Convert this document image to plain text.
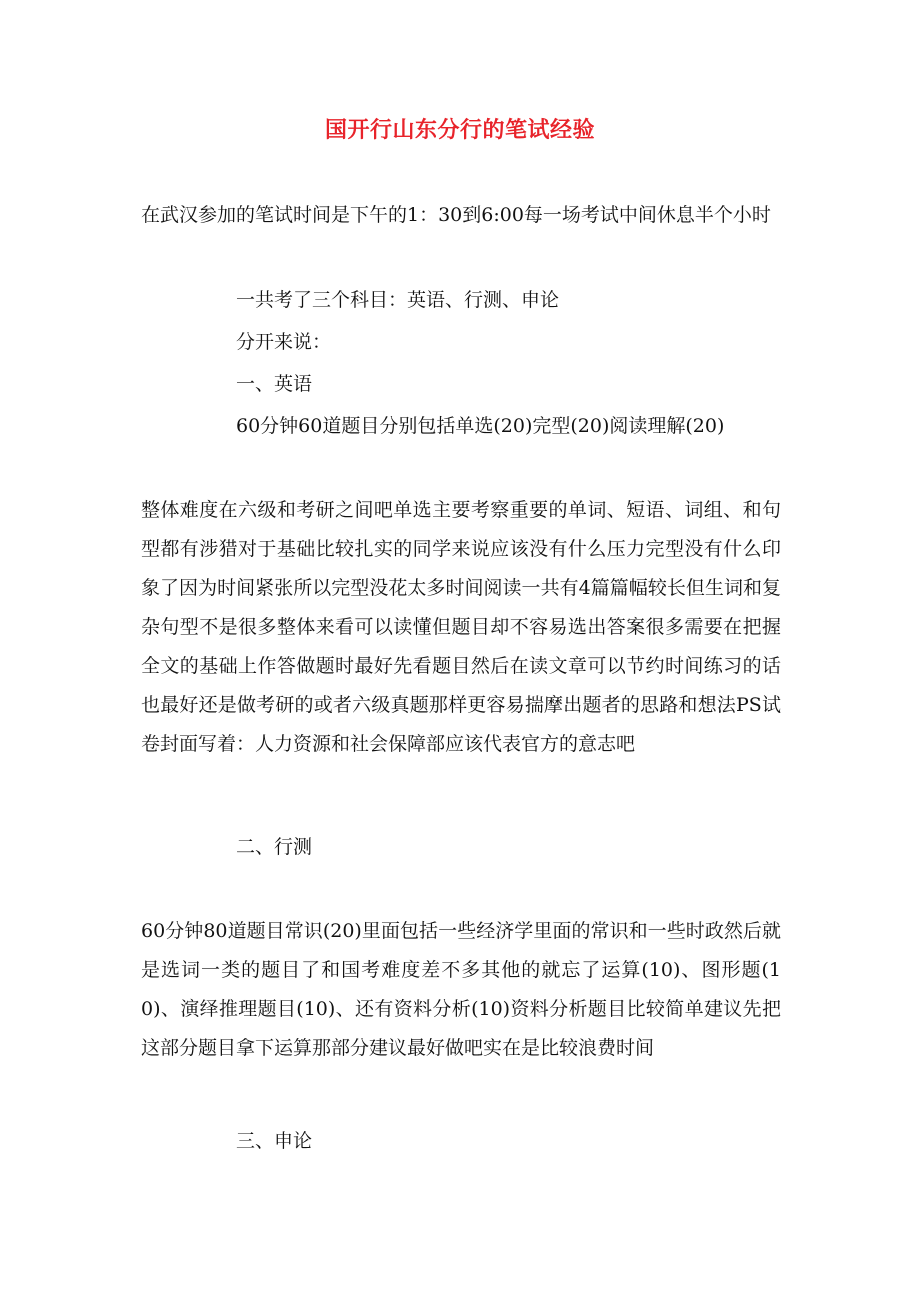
国开行山东分行的笔试经验

在武汉参加的笔试时间是下午的1：30到6:00每一场考试中间休息半个小时

一共考了三个科目：英语、行测、申论

分开来说：

一、英语

60分钟60道题目分别包括单选(20)完型(20)阅读理解(20)

整体难度在六级和考研之间吧单选主要考察重要的单词、短语、词组、和句型都有涉猎对于基础比较扎实的同学来说应该没有什么压力完型没有什么印象了因为时间紧张所以完型没花太多时间阅读一共有4篇篇幅较长但生词和复杂句型不是很多整体来看可以读懂但题目却不容易选出答案很多需要在把握全文的基础上作答做题时最好先看题目然后在读文章可以节约时间练习的话也最好还是做考研的或者六级真题那样更容易揣摩出题者的思路和想法PS试卷封面写着：人力资源和社会保障部应该代表官方的意志吧

二、行测

60分钟80道题目常识(20)里面包括一些经济学里面的常识和一些时政然后就是选词一类的题目了和国考难度差不多其他的就忘了运算(10)、图形题(10)、演绎推理题目(10)、还有资料分析(10)资料分析题目比较简单建议先把这部分题目拿下运算那部分建议最好做吧实在是比较浪费时间

三、申论
